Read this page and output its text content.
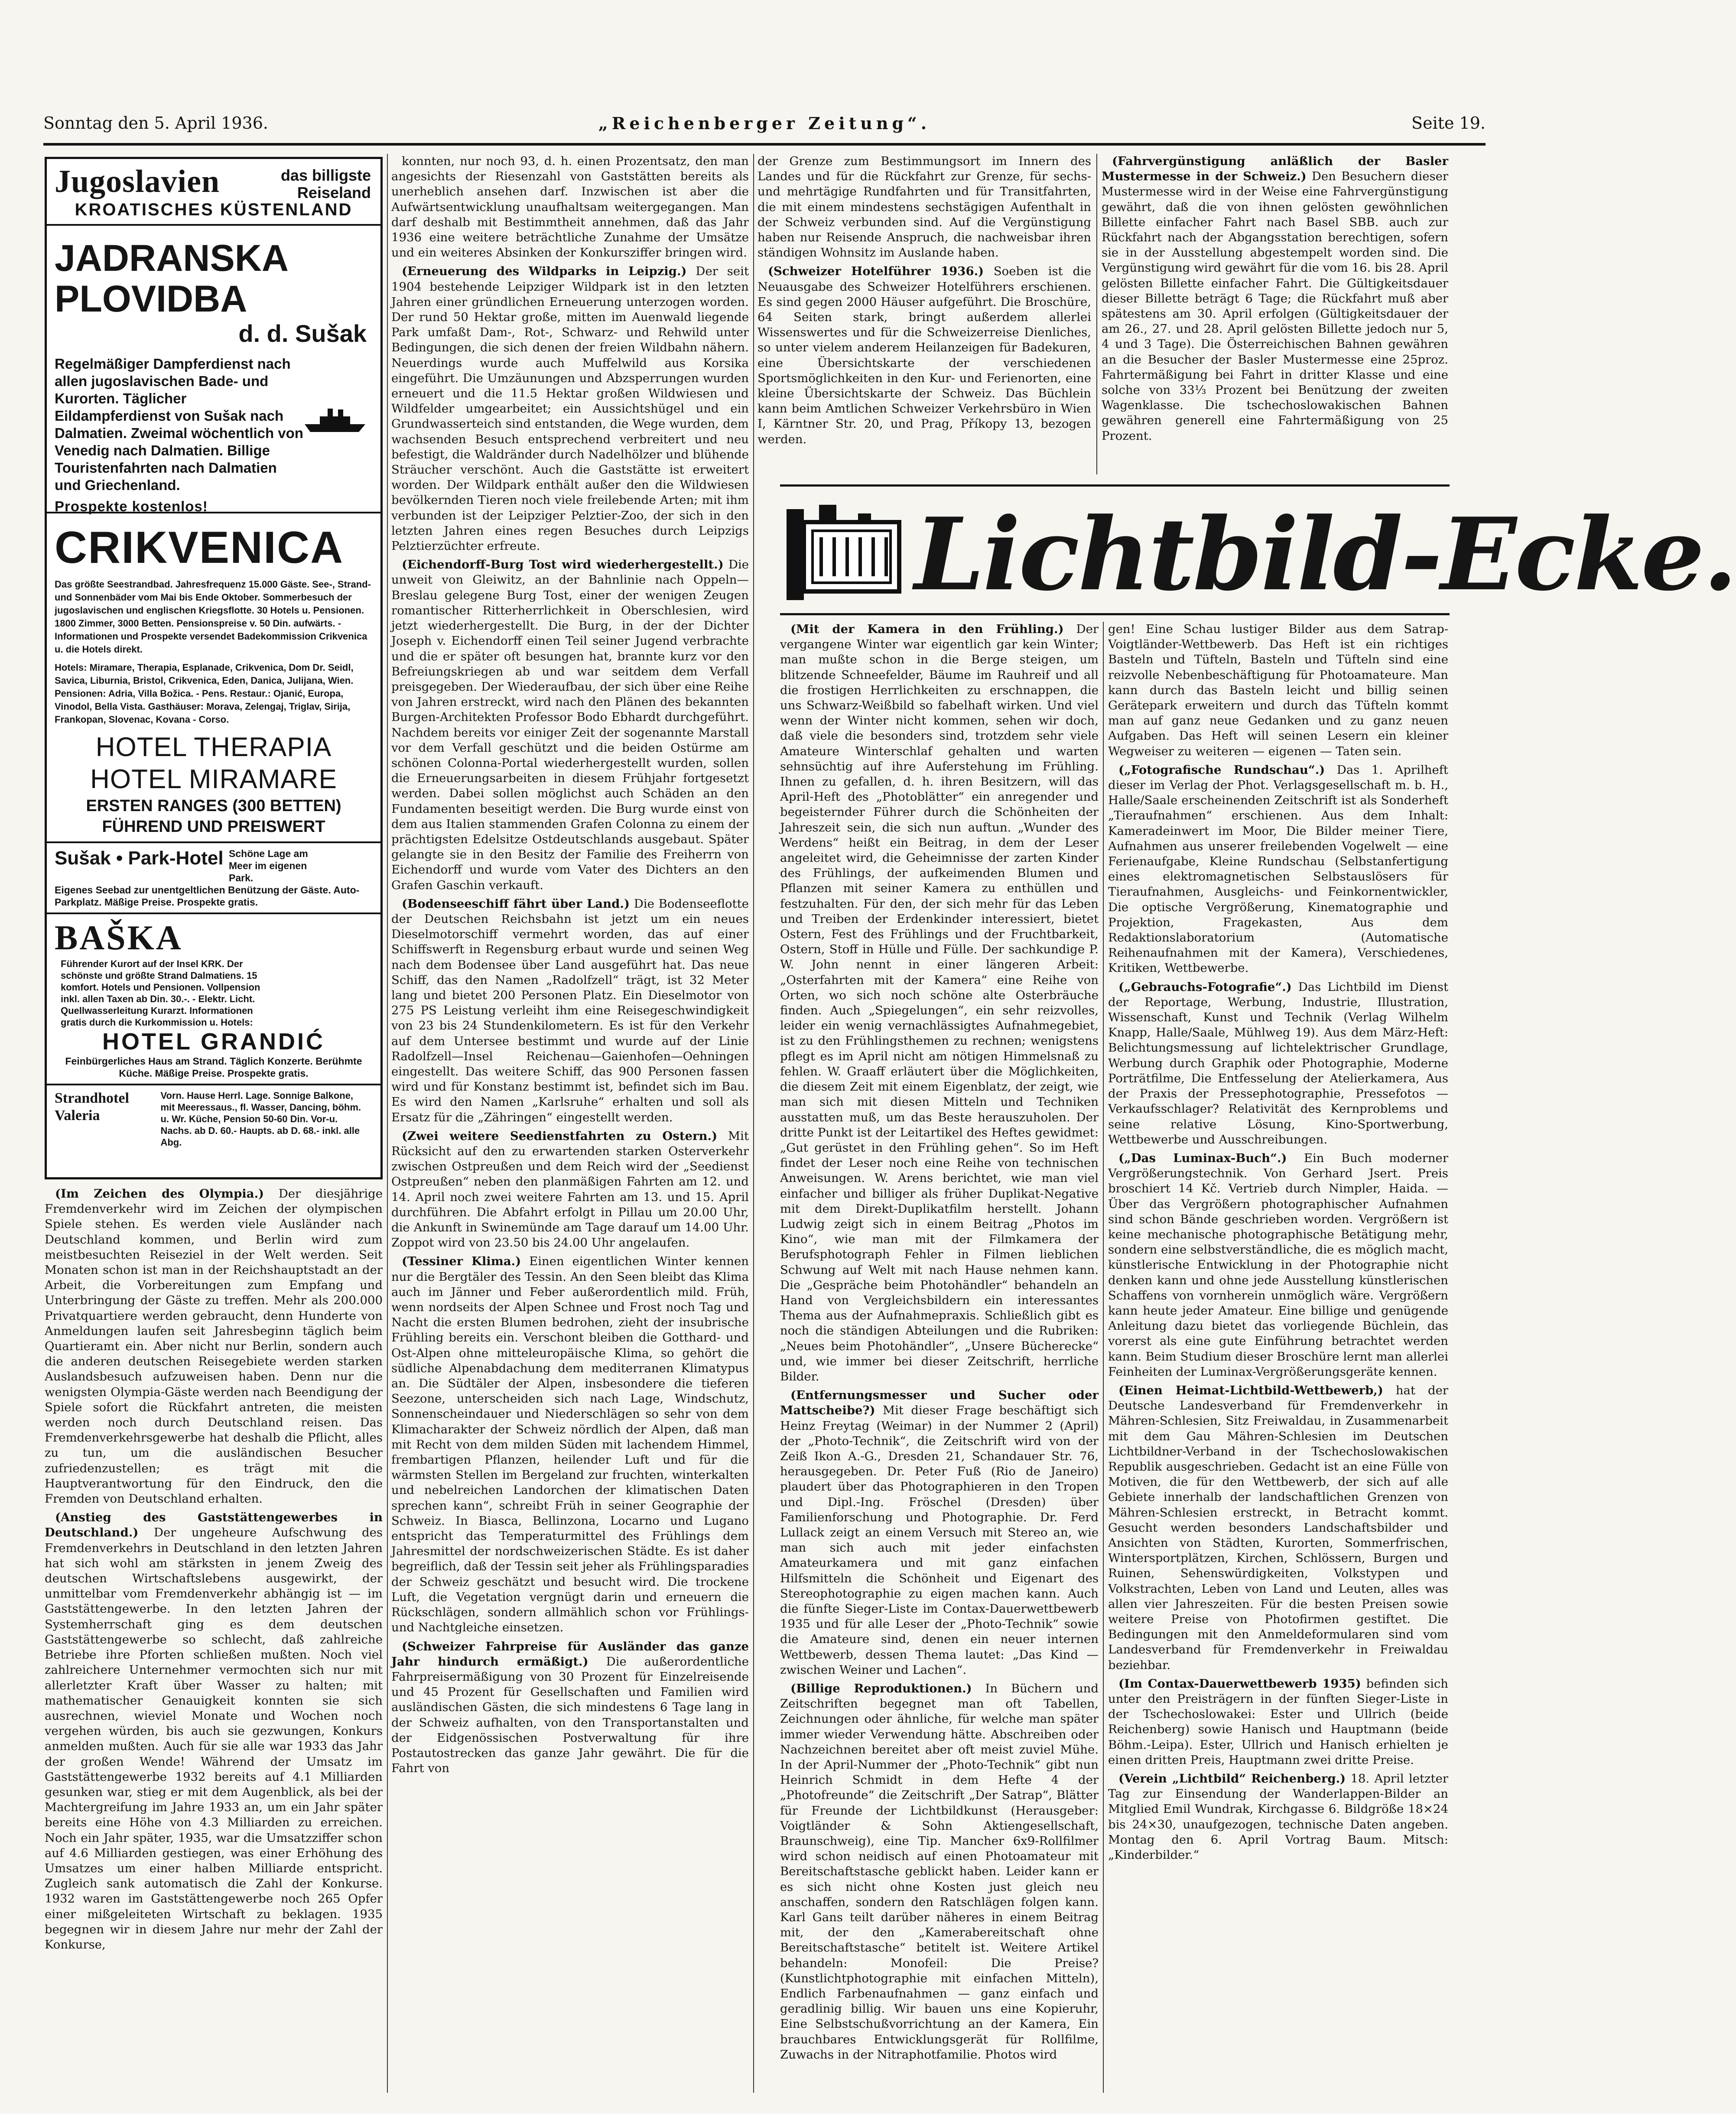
Sonntag den 5. April 1936.	„Reichenberger Zeitung“.	Seite 19.
Jugoslavien	das billigste
Reiseland
KROATISCHES KÜSTENLAND
JADRANSKA
PLOVIDBA
d. d. Sušak
Regelmäßiger Dampferdienst nach allen jugoslavischen Bade- und Kurorten. Täglicher Eildampferdienst von Sušak nach Dalmatien. Zweimal wöchentlich von Venedig nach Dalmatien. Billige Touristenfahrten nach Dalmatien und Griechenland.
Prospekte kostenlos!
CRIKVENICA

Das größte Seestrandbad. Jahresfrequenz 15.000 Gäste. See-, Strand- und Sonnenbäder vom Mai bis Ende Oktober. Sommerbesuch der jugoslavischen und englischen Kriegsflotte. 30 Hotels u. Pensionen. 1800 Zimmer, 3000 Betten. Pensionspreise v. 50 Din. aufwärts. - Informationen und Prospekte versendet Badekommission Crikvenica u. die Hotels direkt.

Hotels: Miramare, Therapia, Esplanade, Crikvenica, Dom Dr. Seidl, Savica, Liburnia, Bristol, Crikvenica, Eden, Danica, Julijana, Wien. Pensionen: Adria, Villa Božica. - Pens. Restaur.: Ojanić, Europa, Vinodol, Bella Vista. Gasthäuser: Morava, Zelengaj, Triglav, Sirija, Frankopan, Slovenac, Kovana - Corso.

HOTEL THERAPIA
HOTEL MIRAMARE
ERSTEN RANGES (300 BETTEN)
FÜHREND UND PREISWERT
Sušak • Park-Hotel Schöne Lage am Meer im eigenen Park.
Eigenes Seebad zur unentgeltlichen Benützung der Gäste. Auto-Parkplatz. Mäßige Preise. Prospekte gratis.
BAŠKA Führender Kurort auf der Insel KRK. Der schönste und größte Strand Dalmatiens. 15 komfort. Hotels und Pensionen. Vollpension inkl. allen Taxen ab Din. 30.-. - Elektr. Licht. Quellwasserleitung Kurarzt. Informationen gratis durch die Kurkommission u. Hotels:
HOTEL GRANDIĆ
Feinbürgerliches Haus am Strand. Täglich Konzerte. Berühmte Küche. Mäßige Preise. Prospekte gratis.
Strandhotel Valeria Vorn. Hause Herrl. Lage. Sonnige Balkone, mit Meeressaus., fl. Wasser, Dancing, böhm. u. Wr. Küche, Pension 50-60 Din. Vor-u. Nachs. ab D. 60.- Haupts. ab D. 68.- inkl. alle Abg.

(Im Zeichen des Olympia.) Der diesjährige Fremdenverkehr wird im Zeichen der olympischen Spiele stehen. Es werden viele Ausländer nach Deutschland kommen, und Berlin wird zum meistbesuchten Reiseziel in der Welt werden. Seit Monaten schon ist man in der Reichshauptstadt an der Arbeit, die Vorbereitungen zum Empfang und Unterbringung der Gäste zu treffen. Mehr als 200.000 Privatquartiere werden gebraucht, denn Hunderte von Anmeldungen laufen seit Jahresbeginn täglich beim Quartieramt ein. Aber nicht nur Berlin, sondern auch die anderen deutschen Reisegebiete werden starken Auslandsbesuch aufzuweisen haben. Denn nur die wenigsten Olympia-Gäste werden nach Beendigung der Spiele sofort die Rückfahrt antreten, die meisten werden noch durch Deutschland reisen. Das Fremdenverkehrsgewerbe hat deshalb die Pflicht, alles zu tun, um die ausländischen Besucher zufriedenzustellen; es trägt mit die Hauptverantwortung für den Eindruck, den die Fremden von Deutschland erhalten.

(Anstieg des Gaststättengewerbes in Deutschland.) Der ungeheure Aufschwung des Fremdenverkehrs in Deutschland in den letzten Jahren hat sich wohl am stärksten in jenem Zweig des deutschen Wirtschaftslebens ausgewirkt, der unmittelbar vom Fremdenverkehr abhängig ist — im Gaststättengewerbe. In den letzten Jahren der Systemherrschaft ging es dem deutschen Gaststättengewerbe so schlecht, daß zahlreiche Betriebe ihre Pforten schließen mußten. Noch viel zahlreichere Unternehmer vermochten sich nur mit allerletzter Kraft über Wasser zu halten; mit mathematischer Genauigkeit konnten sie sich ausrechnen, wieviel Monate und Wochen noch vergehen würden, bis auch sie gezwungen, Konkurs anmelden mußten. Auch für sie alle war 1933 das Jahr der großen Wende! Während der Umsatz im Gaststättengewerbe 1932 bereits auf 4.1 Milliarden gesunken war, stieg er mit dem Augenblick, als bei der Machtergreifung im Jahre 1933 an, um ein Jahr später bereits eine Höhe von 4.3 Milliarden zu erreichen. Noch ein Jahr später, 1935, war die Umsatzziffer schon auf 4.6 Milliarden gestiegen, was einer Erhöhung des Umsatzes um einer halben Milliarde entspricht. Zugleich sank automatisch die Zahl der Konkurse. 1932 waren im Gaststättengewerbe noch 265 Opfer einer mißgeleiteten Wirtschaft zu beklagen. 1935 begegnen wir in diesem Jahre nur mehr der Zahl der Konkurse,

konnten, nur noch 93, d. h. einen Prozentsatz, den man angesichts der Riesenzahl von Gaststätten bereits als unerheblich ansehen darf. Inzwischen ist aber die Aufwärtsentwicklung unaufhaltsam weitergegangen. Man darf deshalb mit Bestimmtheit annehmen, daß das Jahr 1936 eine weitere beträchtliche Zunahme der Umsätze und ein weiteres Absinken der Konkursziffer bringen wird.

(Erneuerung des Wildparks in Leipzig.) Der seit 1904 bestehende Leipziger Wildpark ist in den letzten Jahren einer gründlichen Erneuerung unterzogen worden. Der rund 50 Hektar große, mitten im Auenwald liegende Park umfaßt Dam-, Rot-, Schwarz- und Rehwild unter Bedingungen, die sich denen der freien Wildbahn nähern. Neuerdings wurde auch Muffelwild aus Korsika eingeführt. Die Umzäunungen und Abzsperrungen wurden erneuert und die 11.5 Hektar großen Wildwiesen und Wildfelder umgearbeitet; ein Aussichtshügel und ein Grundwasserteich sind entstanden, die Wege wurden, dem wachsenden Besuch entsprechend verbreitert und neu befestigt, die Waldränder durch Nadelhölzer und blühende Sträucher verschönt. Auch die Gaststätte ist erweitert worden. Der Wildpark enthält außer den die Wildwiesen bevölkernden Tieren noch viele freilebende Arten; mit ihm verbunden ist der Leipziger Pelztier-Zoo, der sich in den letzten Jahren eines regen Besuches durch Leipzigs Pelztierzüchter erfreute.

(Eichendorff-Burg Tost wird wiederhergestellt.) Die unweit von Gleiwitz, an der Bahnlinie nach Oppeln—Breslau gelegene Burg Tost, einer der wenigen Zeugen romantischer Ritterherrlichkeit in Oberschlesien, wird jetzt wiederhergestellt. Die Burg, in der der Dichter Joseph v. Eichendorff einen Teil seiner Jugend verbrachte und die er später oft besungen hat, brannte kurz vor den Befreiungskriegen ab und war seitdem dem Verfall preisgegeben. Der Wiederaufbau, der sich über eine Reihe von Jahren erstreckt, wird nach den Plänen des bekannten Burgen-Architekten Professor Bodo Ebhardt durchgeführt. Nachdem bereits vor einiger Zeit der sogenannte Marstall vor dem Verfall geschützt und die beiden Ostürme am schönen Colonna-Portal wiederhergestellt wurden, sollen die Erneuerungsarbeiten in diesem Frühjahr fortgesetzt werden. Dabei sollen möglichst auch Schäden an den Fundamenten beseitigt werden. Die Burg wurde einst von dem aus Italien stammenden Grafen Colonna zu einem der prächtigsten Edelsitze Ostdeutschlands ausgebaut. Später gelangte sie in den Besitz der Familie des Freiherrn von Eichendorff und wurde vom Vater des Dichters an den Grafen Gaschin verkauft.

(Bodenseeschiff fährt über Land.) Die Bodenseeflotte der Deutschen Reichsbahn ist jetzt um ein neues Dieselmotorschiff vermehrt worden, das auf einer Schiffswerft in Regensburg erbaut wurde und seinen Weg nach dem Bodensee über Land ausgeführt hat. Das neue Schiff, das den Namen „Radolfzell“ trägt, ist 32 Meter lang und bietet 200 Personen Platz. Ein Dieselmotor von 275 PS Leistung verleiht ihm eine Reisegeschwindigkeit von 23 bis 24 Stundenkilometern. Es ist für den Verkehr auf dem Untersee bestimmt und wurde auf der Linie Radolfzell—Insel Reichenau—Gaienhofen—Oehningen eingestellt. Das weitere Schiff, das 900 Personen fassen wird und für Konstanz bestimmt ist, befindet sich im Bau. Es wird den Namen „Karlsruhe“ erhalten und soll als Ersatz für die „Zähringen“ eingestellt werden.

(Zwei weitere Seedienstfahrten zu Ostern.) Mit Rücksicht auf den zu erwartenden starken Osterverkehr zwischen Ostpreußen und dem Reich wird der „Seedienst Ostpreußen“ neben den planmäßigen Fahrten am 12. und 14. April noch zwei weitere Fahrten am 13. und 15. April durchführen. Die Abfahrt erfolgt in Pillau um 20.00 Uhr, die Ankunft in Swinemünde am Tage darauf um 14.00 Uhr. Zoppot wird von 23.50 bis 24.00 Uhr angelaufen.

(Tessiner Klima.) Einen eigentlichen Winter kennen nur die Bergtäler des Tessin. An den Seen bleibt das Klima auch im Jänner und Feber außerordentlich mild. Früh, wenn nordseits der Alpen Schnee und Frost noch Tag und Nacht die ersten Blumen bedrohen, zieht der insubrische Frühling bereits ein. Verschont bleiben die Gotthard- und Ost-Alpen ohne mitteleuropäische Klima, so gehört die südliche Alpenabdachung dem mediterranen Klimatypus an. Die Südtäler der Alpen, insbesondere die tieferen Seezone, unterscheiden sich nach Lage, Windschutz, Sonnenscheindauer und Niederschlägen so sehr von dem Klimacharakter der Schweiz nördlich der Alpen, daß man mit Recht von dem milden Süden mit lachendem Himmel, frembartigen Pflanzen, heilender Luft und für die wärmsten Stellen im Bergeland zur fruchten, winterkalten und nebelreichen Landorchen der klimatischen Daten sprechen kann“, schreibt Früh in seiner Geographie der Schweiz. In Biasca, Bellinzona, Locarno und Lugano entspricht das Temperaturmittel des Frühlings dem Jahresmittel der nordschweizerischen Städte. Es ist daher begreiflich, daß der Tessin seit jeher als Frühlingsparadies der Schweiz geschätzt und besucht wird. Die trockene Luft, die Vegetation vergnügt darin und erneuern die Rückschlägen, sondern allmählich schon vor Frühlings- und Nachtgleiche einsetzen.

(Schweizer Fahrpreise für Ausländer das ganze Jahr hindurch ermäßigt.) Die außerordentliche Fahrpreisermäßigung von 30 Prozent für Einzelreisende und 45 Prozent für Gesellschaften und Familien wird ausländischen Gästen, die sich mindestens 6 Tage lang in der Schweiz aufhalten, von den Transportanstalten und der Eidgenössischen Postverwaltung für ihre Postautostrecken das ganze Jahr gewährt. Die für die Fahrt von

der Grenze zum Bestimmungsort im Innern des Landes und für die Rückfahrt zur Grenze, für sechs- und mehrtägige Rundfahrten und für Transitfahrten, die mit einem mindestens sechstägigen Aufenthalt in der Schweiz verbunden sind. Auf die Vergünstigung haben nur Reisende Anspruch, die nachweisbar ihren ständigen Wohnsitz im Auslande haben.

(Schweizer Hotelführer 1936.) Soeben ist die Neuausgabe des Schweizer Hotelführers erschienen. Es sind gegen 2000 Häuser aufgeführt. Die Broschüre, 64 Seiten stark, bringt außerdem allerlei Wissenswertes und für die Schweizerreise Dienliches, so unter vielem anderem Heilanzeigen für Badekuren, eine Übersichtskarte der verschiedenen Sportsmöglichkeiten in den Kur- und Ferienorten, eine kleine Übersichtskarte der Schweiz. Das Büchlein kann beim Amtlichen Schweizer Verkehrsbüro in Wien I, Kärntner Str. 20, und Prag, Příkopy 13, bezogen werden.

(Fahrvergünstigung anläßlich der Basler Mustermesse in der Schweiz.) Den Besuchern dieser Mustermesse wird in der Weise eine Fahrvergünstigung gewährt, daß die von ihnen gelösten gewöhnlichen Billette einfacher Fahrt nach Basel SBB. auch zur Rückfahrt nach der Abgangsstation berechtigen, sofern sie in der Ausstellung abgestempelt worden sind. Die Vergünstigung wird gewährt für die vom 16. bis 28. April gelösten Billette einfacher Fahrt. Die Gültigkeitsdauer dieser Billette beträgt 6 Tage; die Rückfahrt muß aber spätestens am 30. April erfolgen (Gültigkeitsdauer der am 26., 27. und 28. April gelösten Billette jedoch nur 5, 4 und 3 Tage). Die Österreichischen Bahnen gewähren an die Besucher der Basler Mustermesse eine 25proz. Fahrtermäßigung bei Fahrt in dritter Klasse und eine solche von 33⅓ Prozent bei Benützung der zweiten Wagenklasse. Die tschechoslowakischen Bahnen gewähren generell eine Fahrtermäßigung von 25 Prozent.

Lichtbild-Ecke.

(Mit der Kamera in den Frühling.) Der vergangene Winter war eigentlich gar kein Winter; man mußte schon in die Berge steigen, um blitzende Schneefelder, Bäume im Rauhreif und all die frostigen Herrlichkeiten zu erschnappen, die uns Schwarz-Weißbild so fabelhaft wirken. Und viel wenn der Winter nicht kommen, sehen wir doch, daß viele die besonders sind, trotzdem sehr viele Amateure Winterschlaf gehalten und warten sehnsüchtig auf ihre Auferstehung im Frühling. Ihnen zu gefallen, d. h. ihren Besitzern, will das April-Heft des „Photoblätter“ ein anregender und begeisternder Führer durch die Schönheiten der Jahreszeit sein, die sich nun auftun. „Wunder des Werdens“ heißt ein Beitrag, in dem der Leser angeleitet wird, die Geheimnisse der zarten Kinder des Frühlings, der aufkeimenden Blumen und Pflanzen mit seiner Kamera zu enthüllen und festzuhalten. Für den, der sich mehr für das Leben und Treiben der Erdenkinder interessiert, bietet Ostern, Fest des Frühlings und der Fruchtbarkeit, Ostern, Stoff in Hülle und Fülle. Der sachkundige P. W. John nennt in einer längeren Arbeit: „Osterfahrten mit der Kamera“ eine Reihe von Orten, wo sich noch schöne alte Osterbräuche finden. Auch „Spiegelungen“, ein sehr reizvolles, leider ein wenig vernachlässigtes Aufnahmegebiet, ist zu den Frühlingsthemen zu rechnen; wenigstens pflegt es im April nicht am nötigen Himmelsnaß zu fehlen. W. Graaff erläutert über die Möglichkeiten, die diesem Zeit mit einem Eigenblatz, der zeigt, wie man sich mit diesen Mitteln und Techniken ausstatten muß, um das Beste herauszuholen. Der dritte Punkt ist der Leitartikel des Heftes gewidmet: „Gut gerüstet in den Frühling gehen“. So im Heft findet der Leser noch eine Reihe von technischen Anweisungen. W. Arens berichtet, wie man viel einfacher und billiger als früher Duplikat-Negative mit dem Direkt-Duplikatfilm herstellt. Johann Ludwig zeigt sich in einem Beitrag „Photos im Kino“, wie man mit der Filmkamera der Berufsphotograph Fehler in Filmen lieblichen Schwung auf Welt mit nach Hause nehmen kann. Die „Gespräche beim Photohändler“ behandeln an Hand von Vergleichsbildern ein interessantes Thema aus der Aufnahmepraxis. Schließlich gibt es noch die ständigen Abteilungen und die Rubriken: „Neues beim Photohändler“, „Unsere Bücherecke“ und, wie immer bei dieser Zeitschrift, herrliche Bilder.

(Entfernungsmesser und Sucher oder Mattscheibe?) Mit dieser Frage beschäftigt sich Heinz Freytag (Weimar) in der Nummer 2 (April) der „Photo-Technik“, die Zeitschrift wird von der Zeiß Ikon A.-G., Dresden 21, Schandauer Str. 76, herausgegeben. Dr. Peter Fuß (Rio de Janeiro) plaudert über das Photographieren in den Tropen und Dipl.-Ing. Fröschel (Dresden) über Familienforschung und Photographie. Dr. Ferd Lullack zeigt an einem Versuch mit Stereo an, wie man sich auch mit jeder einfachsten Amateurkamera und mit ganz einfachen Hilfsmitteln die Schönheit und Eigenart des Stereophotographie zu eigen machen kann. Auch die fünfte Sieger-Liste im Contax-Dauerwettbewerb 1935 und für alle Leser der „Photo-Technik“ sowie die Amateure sind, denen ein neuer internen Wettbewerb, dessen Thema lautet: „Das Kind — zwischen Weiner und Lachen“.

(Billige Reproduktionen.) In Büchern und Zeitschriften begegnet man oft Tabellen, Zeichnungen oder ähnliche, für welche man später immer wieder Verwendung hätte. Abschreiben oder Nachzeichnen bereitet aber oft meist zuviel Mühe. In der April-Nummer der „Photo-Technik“ gibt nun Heinrich Schmidt in dem Hefte 4 der „Photofreunde“ die Zeitschrift „Der Satrap“, Blätter für Freunde der Lichtbildkunst (Herausgeber: Voigtländer & Sohn Aktiengesellschaft, Braunschweig), eine Tip. Mancher 6x9-Rollfilmer wird schon neidisch auf einen Photoamateur mit Bereitschaftstasche geblickt haben. Leider kann er es sich nicht ohne Kosten just gleich neu anschaffen, sondern den Ratschlägen folgen kann. Karl Gans teilt darüber näheres in einem Beitrag mit, der den „Kamerabereitschaft ohne Bereitschaftstasche“ betitelt ist. Weitere Artikel behandeln: Monofeil: Die Preise? (Kunstlichtphotographie mit einfachen Mitteln), Endlich Farbenaufnahmen — ganz einfach und geradlinig billig. Wir bauen uns eine Kopieruhr, Eine Selbstschußvorrichtung an der Kamera, Ein brauchbares Entwicklungsgerät für Rollfilme, Zuwachs in der Nitraphotfamilie. Photos wird

gen! Eine Schau lustiger Bilder aus dem Satrap-Voigtländer-Wettbewerb. Das Heft ist ein richtiges Basteln und Tüfteln, Basteln und Tüfteln sind eine reizvolle Nebenbeschäftigung für Photoamateure. Man kann durch das Basteln leicht und billig seinen Gerätepark erweitern und durch das Tüfteln kommt man auf ganz neue Gedanken und zu ganz neuen Aufgaben. Das Heft will seinen Lesern ein kleiner Wegweiser zu weiteren — eigenen — Taten sein.

(„Fotografische Rundschau“.) Das 1. Aprilheft dieser im Verlag der Phot. Verlagsgesellschaft m. b. H., Halle/Saale erscheinenden Zeitschrift ist als Sonderheft „Tieraufnahmen“ erschienen. Aus dem Inhalt: Kameradeinwert im Moor, Die Bilder meiner Tiere, Aufnahmen aus unserer freilebenden Vogelwelt — eine Ferienaufgabe, Kleine Rundschau (Selbstanfertigung eines elektromagnetischen Selbstauslösers für Tieraufnahmen, Ausgleichs- und Feinkornentwickler, Die optische Vergrößerung, Kinematographie und Projektion, Fragekasten, Aus dem Redaktionslaboratorium (Automatische Reihenaufnahmen mit der Kamera), Verschiedenes, Kritiken, Wettbewerbe.

(„Gebrauchs-Fotografie“.) Das Lichtbild im Dienst der Reportage, Werbung, Industrie, Illustration, Wissenschaft, Kunst und Technik (Verlag Wilhelm Knapp, Halle/Saale, Mühlweg 19). Aus dem März-Heft: Belichtungsmessung auf lichtelektrischer Grundlage, Werbung durch Graphik oder Photographie, Moderne Porträtfilme, Die Entfesselung der Atelierkamera, Aus der Praxis der Pressephotographie, Pressefotos — Verkaufsschlager? Relativität des Kernproblems und seine relative Lösung, Kino-Sportwerbung, Wettbewerbe und Ausschreibungen.

(„Das Luminax-Buch“.) Ein Buch moderner Vergrößerungstechnik. Von Gerhard Jsert. Preis broschiert 14 Kč. Vertrieb durch Nimpler, Haida. — Über das Vergrößern photographischer Aufnahmen sind schon Bände geschrieben worden. Vergrößern ist keine mechanische photographische Betätigung mehr, sondern eine selbstverständliche, die es möglich macht, künstlerische Entwicklung in der Photographie nicht denken kann und ohne jede Ausstellung künstlerischen Schaffens von vornherein unmöglich wäre. Vergrößern kann heute jeder Amateur. Eine billige und genügende Anleitung dazu bietet das vorliegende Büchlein, das vorerst als eine gute Einführung betrachtet werden kann. Beim Studium dieser Broschüre lernt man allerlei Feinheiten der Luminax-Vergrößerungsgeräte kennen.

(Einen Heimat-Lichtbild-Wettbewerb,) hat der Deutsche Landesverband für Fremdenverkehr in Mähren-Schlesien, Sitz Freiwaldau, in Zusammenarbeit mit dem Gau Mähren-Schlesien im Deutschen Lichtbildner-Verband in der Tschechoslowakischen Republik ausgeschrieben. Gedacht ist an eine Fülle von Motiven, die für den Wettbewerb, der sich auf alle Gebiete innerhalb der landschaftlichen Grenzen von Mähren-Schlesien erstreckt, in Betracht kommt. Gesucht werden besonders Landschaftsbilder und Ansichten von Städten, Kurorten, Sommerfrischen, Wintersportplätzen, Kirchen, Schlössern, Burgen und Ruinen, Sehenswürdigkeiten, Volkstypen und Volkstrachten, Leben von Land und Leuten, alles was allen vier Jahreszeiten. Für die besten Preisen sowie weitere Preise von Photofirmen gestiftet. Die Bedingungen mit den Anmeldeformularen sind vom Landesverband für Fremdenverkehr in Freiwaldau beziehbar.

(Im Contax-Dauerwettbewerb 1935) befinden sich unter den Preisträgern in der fünften Sieger-Liste in der Tschechoslowakei: Ester und Ullrich (beide Reichenberg) sowie Hanisch und Hauptmann (beide Böhm.-Leipa). Ester, Ullrich und Hanisch erhielten je einen dritten Preis, Hauptmann zwei dritte Preise.

(Verein „Lichtbild“ Reichenberg.) 18. April letzter Tag zur Einsendung der Wanderlappen-Bilder an Mitglied Emil Wundrak, Kirchgasse 6. Bildgröße 18×24 bis 24×30, unaufgezogen, technische Daten angeben. Montag den 6. April Vortrag Baum. Mitsch: „Kinderbilder.“
